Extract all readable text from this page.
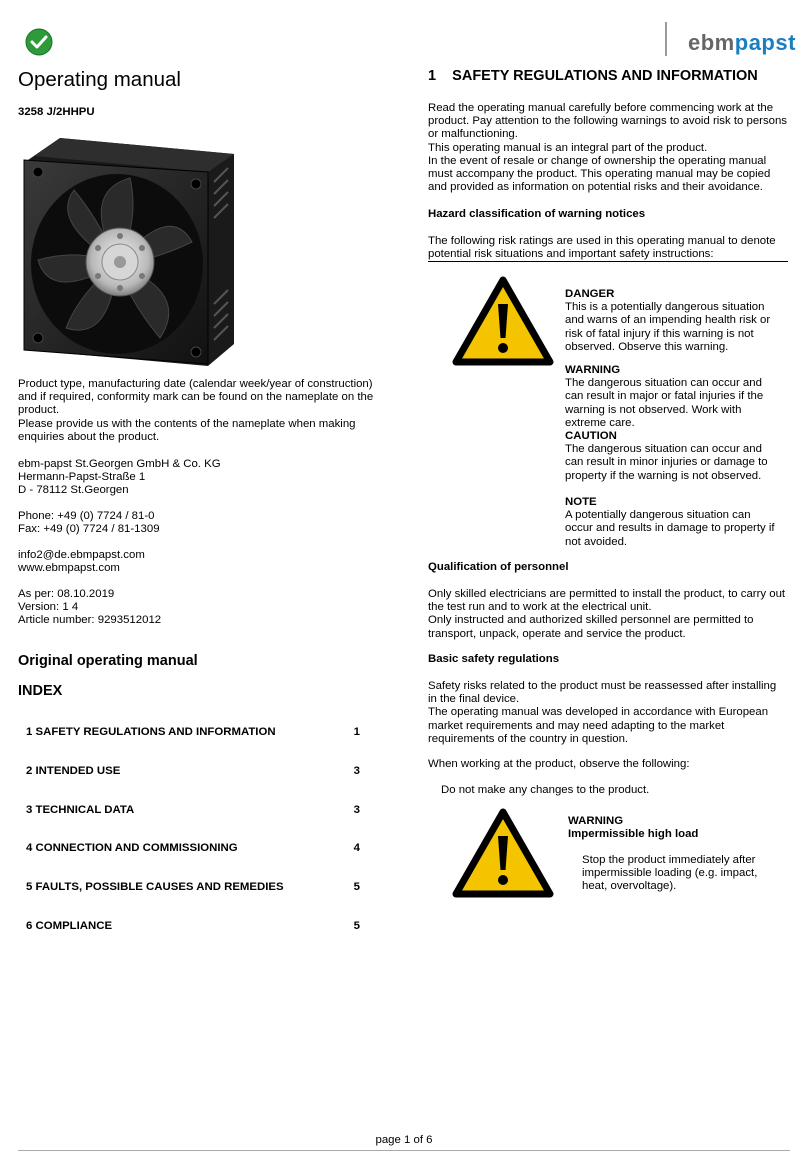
ebmpapst
Operating manual
3258 J/2HHPU

Product type, manufacturing date (calendar week/year of construction) and if required, conformity mark can be found on the nameplate on the product.

Please provide us with the contents of the nameplate when making enquiries about the product.

ebm-papst St.Georgen GmbH & Co. KG

Hermann-Papst-Straße 1

D - 78112 St.Georgen

Phone: +49 (0) 7724 / 81-0

Fax: +49 (0) 7724 / 81-1309

info2@de.ebmpapst.com

www.ebmpapst.com

As per: 08.10.2019

Version: 1 4

Article number: 9293512012

Original operating manual
INDEX
1 SAFETY REGULATIONS AND INFORMATION	1
2 INTENDED USE	3
3 TECHNICAL DATA	3
4 CONNECTION AND COMMISSIONING	4
5 FAULTS, POSSIBLE CAUSES AND REMEDIES	5
6 COMPLIANCE	5
1    SAFETY REGULATIONS AND INFORMATION

Read the operating manual carefully before commencing work at the product. Pay attention to the following warnings to avoid risk to persons or malfunctioning.

This operating manual is an integral part of the product.

In the event of resale or change of ownership the operating manual must accompany the product. This operating manual may be copied and provided as information on potential risks and their avoidance.

Hazard classification of warning notices
The following risk ratings are used in this operating manual to denote potential risk situations and important safety instructions:

DANGER

This is a potentially dangerous situation and warns of an impending health risk or risk of fatal injury if this warning is not observed. Observe this warning.

WARNING

The dangerous situation can occur and can result in major or fatal injuries if the warning is not observed. Work with extreme care.

CAUTION

The dangerous situation can occur and can result in minor injuries or damage to property if the warning is not observed.

NOTE

A potentially dangerous situation can occur and results in damage to property if not avoided.

Qualification of personnel

Only skilled electricians are permitted to install the product, to carry out the test run and to work at the electrical unit.

Only instructed and authorized skilled personnel are permitted to transport, unpack, operate and service the product.

Basic safety regulations

Safety risks related to the product must be reassessed after installing in the final device.

The operating manual was developed in accordance with European market requirements and may need adapting to the market requirements of the country in question.

When working at the product, observe the following:
Do not make any changes to the product.
WARNING
Impermissible high load
Stop the product immediately after impermissible loading (e.g. impact, heat, overvoltage).
page 1 of 6
